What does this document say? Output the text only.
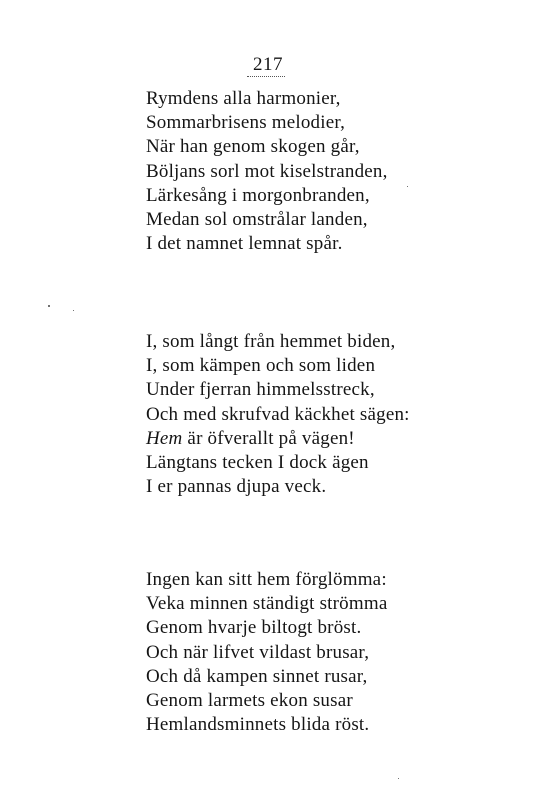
217
Rymdens alla harmonier,
Sommarbrisens melodier,
När han genom skogen går,
Böljans sorl mot kiselstranden,
Lärkesång i morgonbranden,
Medan sol omstrålar landen,
I det namnet lemnat spår.
I, som långt från hemmet biden,
I, som kämpen och som liden
Under fjerran himmelsstreck,
Och med skrufvad käckhet sägen:
Hem är öfverallt på vägen!
Längtans tecken I dock ägen
I er pannas djupa veck.
Ingen kan sitt hem förglömma:
Veka minnen ständigt strömma
Genom hvarje biltogt bröst.
Och när lifvet vildast brusar,
Och då kampen sinnet rusar,
Genom larmets ekon susar
Hemlandsminnets blida röst.
